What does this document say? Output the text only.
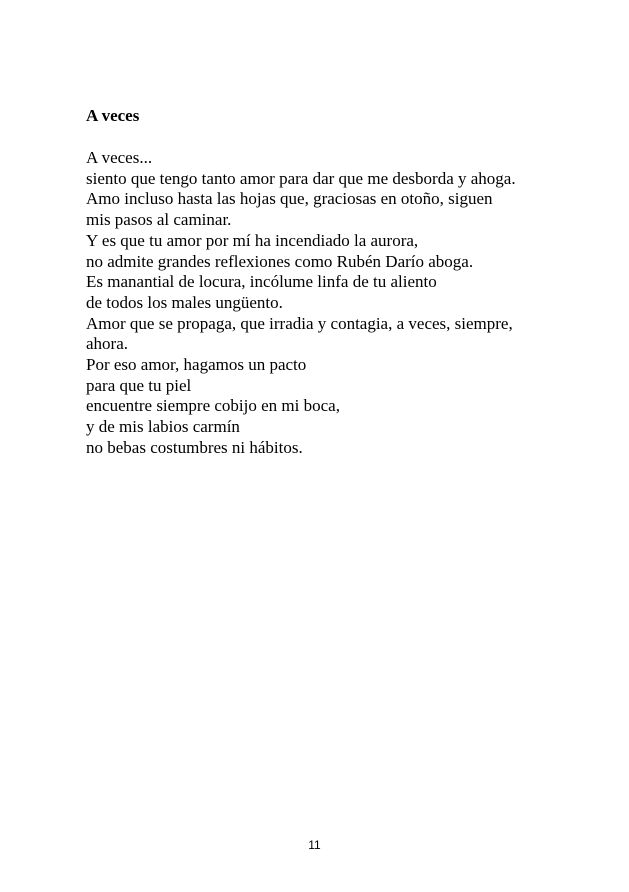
A veces
A veces...
siento que tengo tanto amor para dar que me desborda y ahoga.
Amo incluso hasta las hojas que, graciosas en otoño, siguen
mis pasos al caminar.
Y es que tu amor por mí ha incendiado la aurora,
no admite grandes reflexiones como Rubén Darío aboga.
Es manantial de locura, incólume linfa de tu aliento
de todos los males ungüento.
Amor que se propaga, que irradia y contagia, a veces, siempre,
ahora.
Por eso amor, hagamos un pacto
para que tu piel
encuentre siempre cobijo en mi boca,
y de mis labios carmín
no bebas costumbres ni hábitos.
11
